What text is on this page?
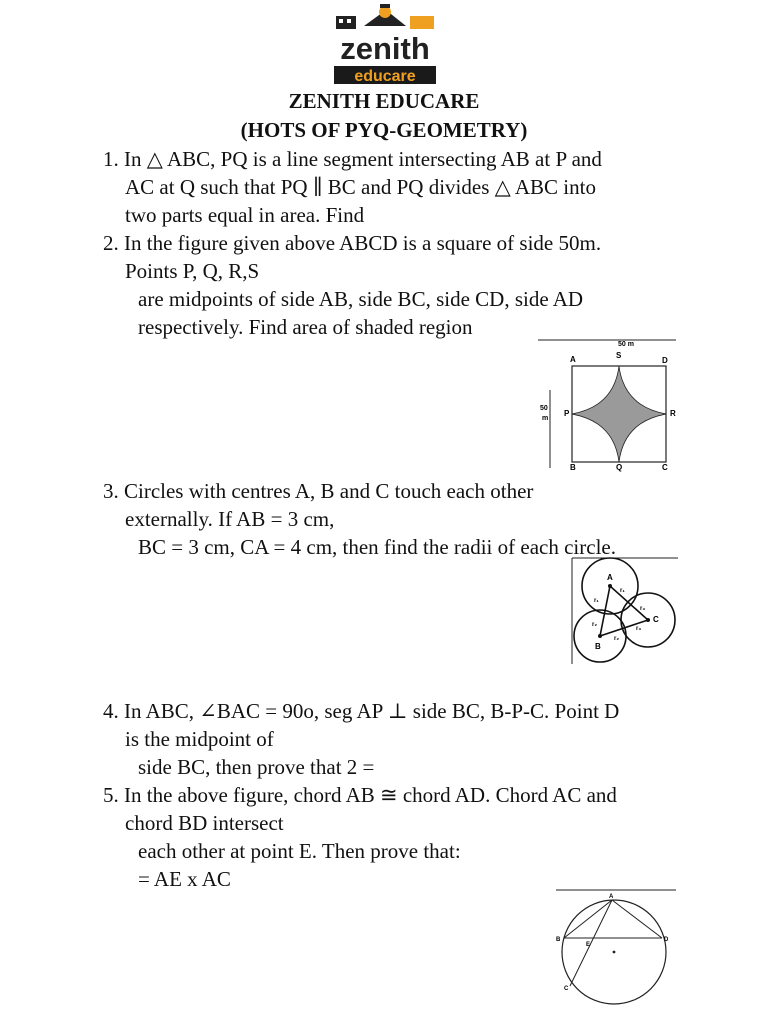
zenith
educare
ZENITH EDUCARE
(HOTS OF PYQ-GEOMETRY)
1. In △ ABC, PQ is a line segment intersecting AB at P and
AC at Q such that PQ ∥ BC and PQ divides △ ABC into
two parts equal in area. Find
2. In the figure given above ABCD is a square of side 50m.
Points P, Q, R,S
are midpoints of side AB, side BC, side CD, side AD
respectively. Find area of shaded region
50 m
50
m
A	S
D
P	R
B	Q	C
3. Circles with centres A, B and C touch each other
externally. If AB = 3 cm,
BC = 3 cm, CA = 4 cm, then find the radii of each circle.
A
B
C
r₁
r₁
r₂
r₂
r₃
r₃
4. In ABC, ∠BAC = 90o, seg AP ⊥ side BC, B-P-C. Point D
is the midpoint of
side BC, then prove that 2 =
5. In the above figure, chord AB ≅ chord AD. Chord AC and
chord BD intersect
each other at point E. Then prove that:
= AE x AC
A
B
C
D
E
